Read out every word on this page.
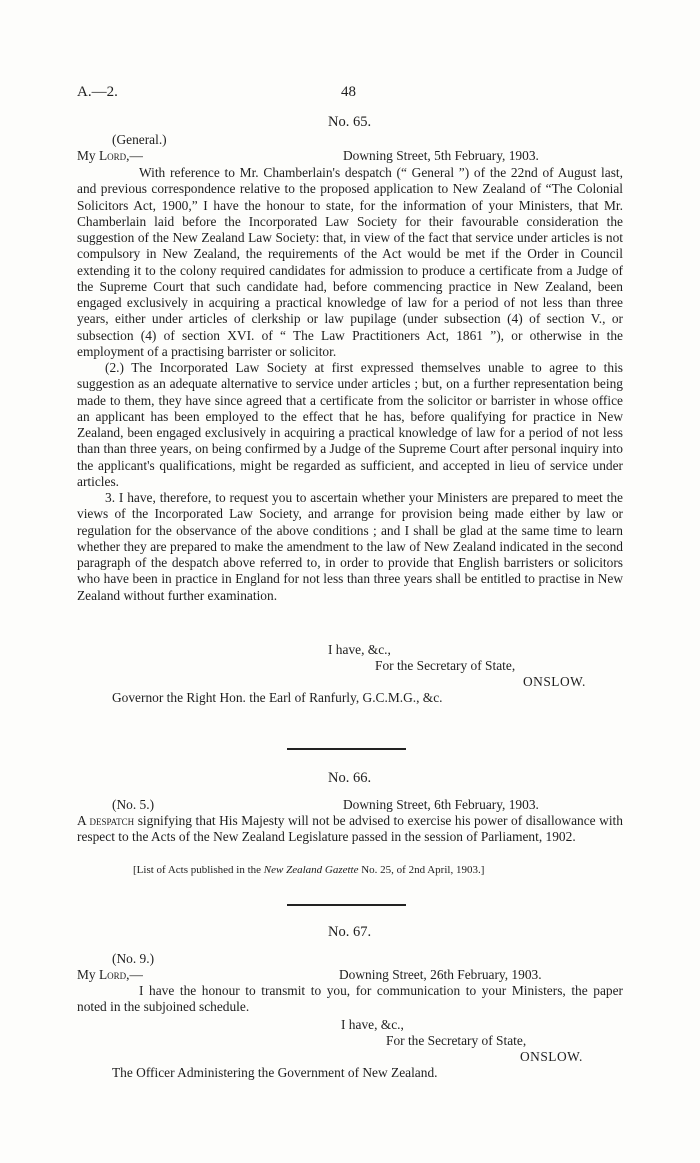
A.—2.	48
No. 65.
(General.)
My Lord,—	Downing Street, 5th February, 1903.

With reference to Mr. Chamberlain's despatch (“ General ”) of the 22nd of August last, and previous correspondence relative to the proposed application to New Zealand of “The Colonial Solicitors Act, 1900,” I have the honour to state, for the information of your Ministers, that Mr. Chamberlain laid before the Incorporated Law Society for their favourable consideration the suggestion of the New Zealand Law Society: that, in view of the fact that service under articles is not compulsory in New Zealand, the requirements of the Act would be met if the Order in Council extending it to the colony required candidates for admission to produce a certificate from a Judge of the Supreme Court that such candidate had, before commencing practice in New Zealand, been engaged exclusively in acquiring a practical knowledge of law for a period of not less than three years, either under articles of clerkship or law pupilage (under subsection (4) of section V., or subsection (4) of section XVI. of “ The Law Practitioners Act, 1861 ”), or otherwise in the employment of a practising barrister or solicitor.

(2.) The Incorporated Law Society at first expressed themselves unable to agree to this suggestion as an adequate alternative to service under articles ; but, on a further representation being made to them, they have since agreed that a certificate from the solicitor or barrister in whose office an applicant has been employed to the effect that he has, before qualifying for practice in New Zealand, been engaged exclusively in acquiring a practical knowledge of law for a period of not less than than three years, on being confirmed by a Judge of the Supreme Court after personal inquiry into the applicant's qualifications, might be regarded as sufficient, and accepted in lieu of service under articles.

3. I have, therefore, to request you to ascertain whether your Ministers are prepared to meet the views of the Incorporated Law Society, and arrange for provision being made either by law or regulation for the observance of the above conditions ; and I shall be glad at the same time to learn whether they are prepared to make the amendment to the law of New Zealand indicated in the second paragraph of the despatch above referred to, in order to provide that English barristers or solicitors who have been in practice in England for not less than three years shall be entitled to practise in New Zealand without further examination.

I have, &c.,
For the Secretary of State,
ONSLOW.
Governor the Right Hon. the Earl of Ranfurly, G.C.M.G., &c.
No. 66.
(No. 5.)	Downing Street, 6th February, 1903.

A despatch signifying that His Majesty will not be advised to exercise his power of disallowance with respect to the Acts of the New Zealand Legislature passed in the session of Parliament, 1902.

[List of Acts published in the New Zealand Gazette No. 25, of 2nd April, 1903.]
No. 67.
(No. 9.)
My Lord,—	Downing Street, 26th February, 1903.

I have the honour to transmit to you, for communication to your Ministers, the paper noted in the subjoined schedule.

I have, &c.,
For the Secretary of State,
ONSLOW.
The Officer Administering the Government of New Zealand.
